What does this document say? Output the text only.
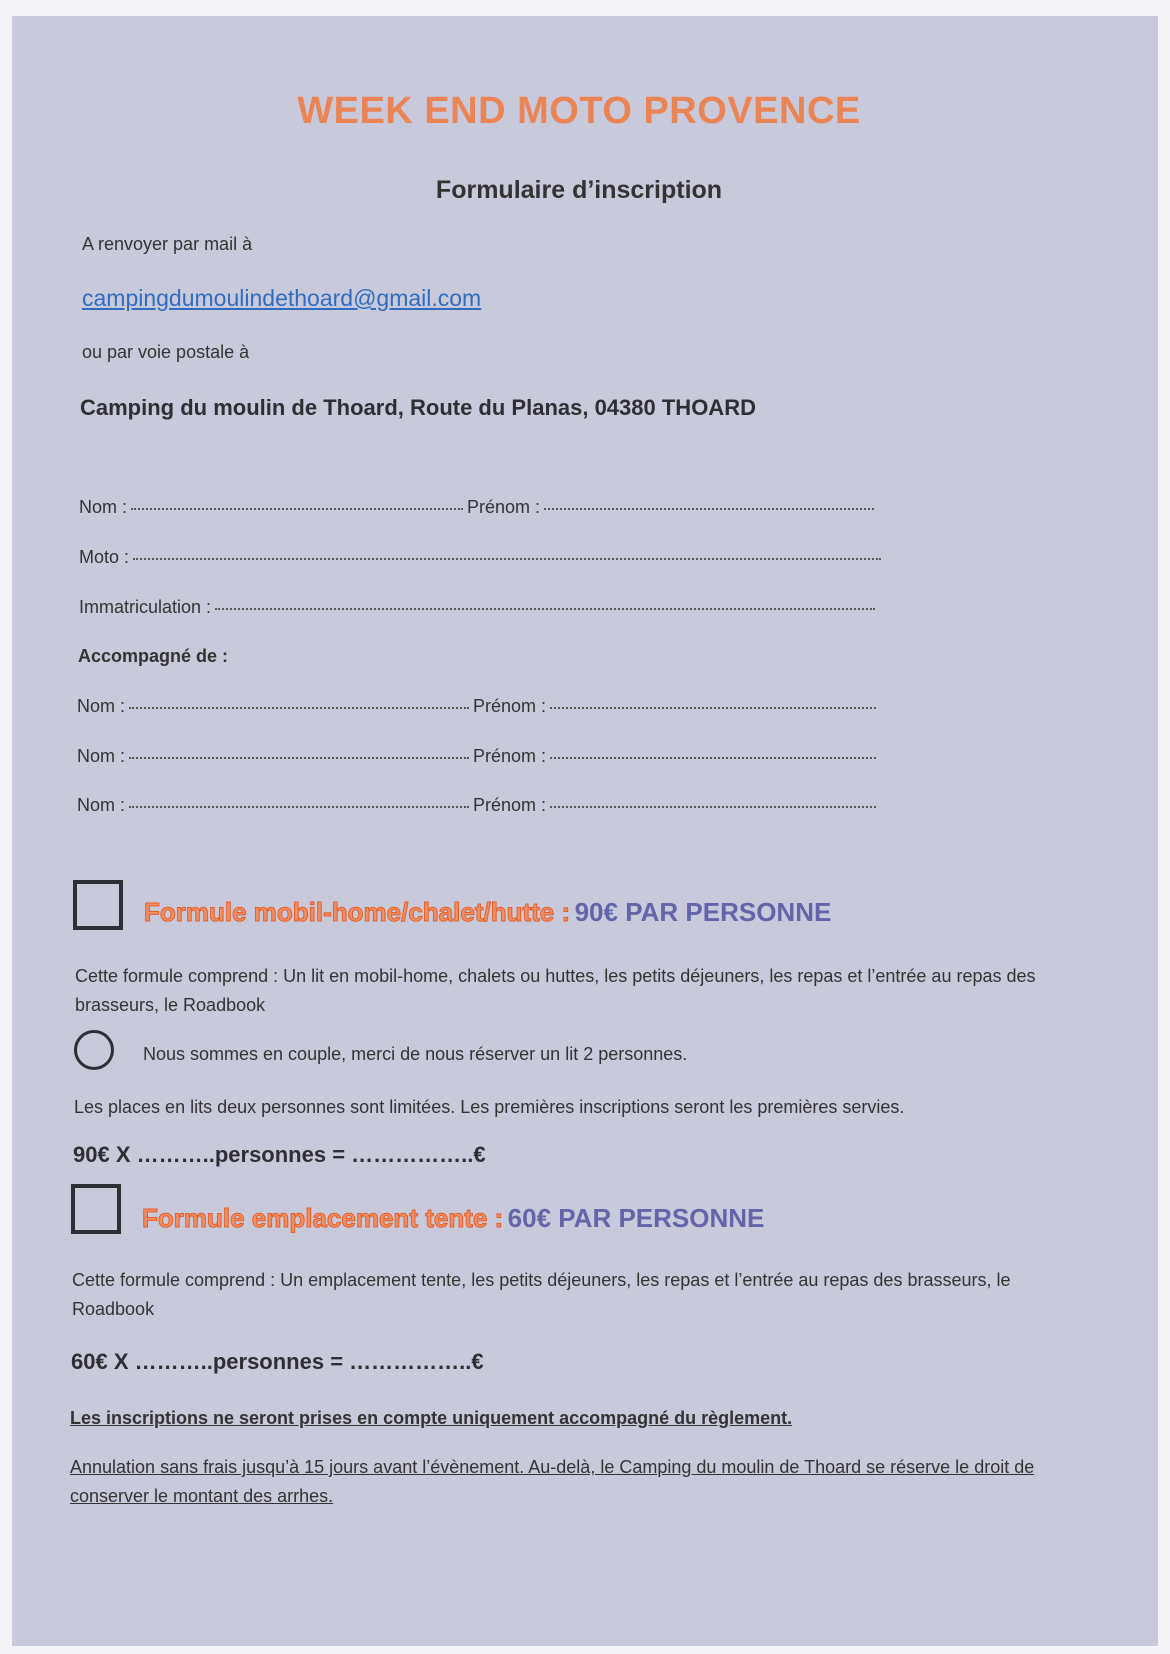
WEEK END MOTO PROVENCE
Formulaire d’inscription
A renvoyer par mail à
campingdumoulindethoard@gmail.com
ou par voie postale à
Camping du moulin de Thoard, Route du Planas, 04380 THOARD
Nom :	Prénom :
Moto :
Immatriculation :
Accompagné de :
Nom :	Prénom :
Nom :	Prénom :
Nom :	Prénom :
Formule mobil-home/chalet/hutte : 90€ PAR PERSONNE
Cette formule comprend : Un lit en mobil-home, chalets ou huttes, les petits déjeuners, les repas et l’entrée au repas des brasseurs, le Roadbook
Nous sommes en couple, merci de nous réserver un lit 2 personnes.
Les places en lits deux personnes sont limitées. Les premières inscriptions seront les premières servies.
90€ X ………..personnes = ……………..€
Formule emplacement tente : 60€ PAR PERSONNE
Cette formule comprend : Un emplacement tente, les petits déjeuners, les repas et l’entrée au repas des brasseurs, le Roadbook
60€ X ………..personnes = ……………..€
Les inscriptions ne seront prises en compte uniquement accompagné du règlement.
Annulation sans frais jusqu’à 15 jours avant l’évènement. Au-delà, le Camping du moulin de Thoard se réserve le droit de conserver le montant des arrhes.
